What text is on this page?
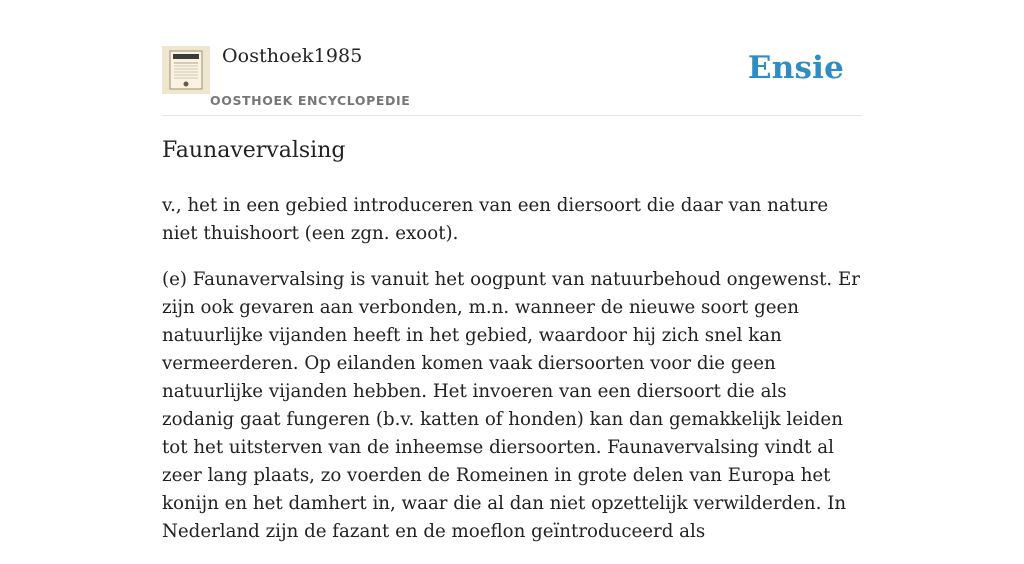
Oosthoek1985
OOSTHOEK ENCYCLOPEDIE
Ensie
Faunavervalsing

v., het in een gebied introduceren van een diersoort die daar van nature niet thuishoort (een zgn. exoot).

(e) Faunavervalsing is vanuit het oogpunt van natuurbehoud ongewenst. Er zijn ook gevaren aan verbonden, m.n. wanneer de nieuwe soort geen natuurlijke vijanden heeft in het gebied, waardoor hij zich snel kan vermeerderen. Op eilanden komen vaak diersoorten voor die geen natuurlijke vijanden hebben. Het invoeren van een diersoort die als zodanig gaat fungeren (b.v. katten of honden) kan dan gemakkelijk leiden tot het uitsterven van de inheemse diersoorten. Faunavervalsing vindt al zeer lang plaats, zo voerden de Romeinen in grote delen van Europa het konijn en het damhert in, waar die al dan niet opzettelijk verwilderden. In Nederland zijn de fazant en de moeflon geïntroduceerd als
